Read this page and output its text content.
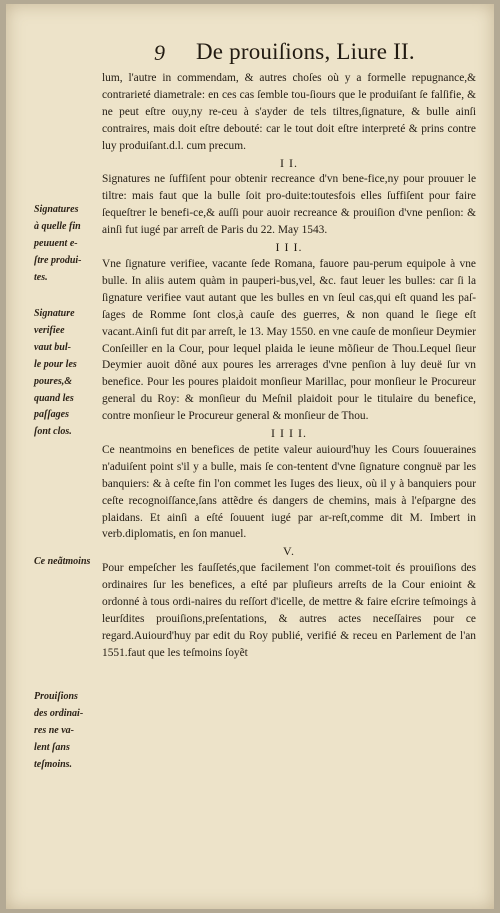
9 De prouiſions, Liure II.

lum, l'autre in commendam, & autres choſes où y a formelle repugnance,& contrarieté diametrale: en ces cas ſemble tou-ſiours que le produiſant ſe falſifie, & ne peut eſtre ouy,ny re-ceu à s'ayder de tels tiltres,ſignature, & bulle ainſi contraires, mais doit eſtre debouté: car le tout doit eſtre interpreté & prins contre luy produiſant.d.l. cum precum.

I I.

Signatures ne ſuffiſent pour obtenir recreance d'vn bene-fice,ny pour prouuer le tiltre: mais faut que la bulle ſoit pro-duite:toutesfois elles ſuffiſent pour faire ſequeſtrer le benefi-ce,& auſſi pour auoir recreance & prouiſion d'vne penſion: & ainſi fut iugé par arreſt de Paris du 22. May 1543.

I I I.

Vne ſignature verifiee, vacante ſede Romana, fauore pau-perum equipole à vne bulle. In aliis autem quàm in pauperi-bus,vel, &c. faut leuer les bulles: car ſi la ſignature verifiee vaut autant que les bulles en vn ſeul cas,qui eſt quand les paſ-ſages de Romme ſont clos,à cauſe des guerres, & non quand le ſiege eſt vacant.Ainſi fut dit par arreſt, le 13. May 1550. en vne cauſe de monſieur Deymier Conſeiller en la Cour, pour lequel plaida le ieune mõſieur de Thou.Lequel ſieur Deymier auoit dõné aux poures les arrerages d'vne penſion à luy deuë ſur vn benefice. Pour les poures plaidoit monſieur Marillac, pour monſieur le Procureur general du Roy: & monſieur du Meſnil plaidoit pour le titulaire du benefice, contre monſieur le Procureur general & monſieur de Thou.

I I I I.

Ce neantmoins en benefices de petite valeur auiourd'huy les Cours ſouueraines n'aduiſent point s'il y a bulle, mais ſe con-tentent d'vne ſignature congnuë par les banquiers: & à ceſte fin l'on commet les Iuges des lieux, où il y à banquiers pour ceſte recognoiſſance,ſans attẽdre és dangers de chemins, mais à l'eſpargne des plaidans. Et ainſi a eſté ſouuent iugé par ar-reſt,comme dit M. Imbert in verb.diplomatis, en ſon manuel.

V.

Pour empeſcher les fauſſetés,que facilement l'on commet-toit és prouiſions des ordinaires ſur les benefices, a eſté par pluſieurs arreſts de la Cour enioint & ordonné à tous ordi-naires du reſſort d'icelle, de mettre & faire eſcrire teſmoings à leurſdites prouiſions,preſentations, & autres actes neceſſaires pour ce regard.Auiourd'huy par edit du Roy publié, verifié & receu en Parlement de l'an 1551.faut que les teſmoins ſoyẽt

Signatures
à quelle fin
peuuent e-
ſtre produi-
tes.
Signature
verifiee
vaut bul-
le pour les
poures,&
quand les
paſſages
ſont clos.
Ce neãtmoins
Prouiſions
des ordinai-
res ne va-
lent ſans
teſmoins.
